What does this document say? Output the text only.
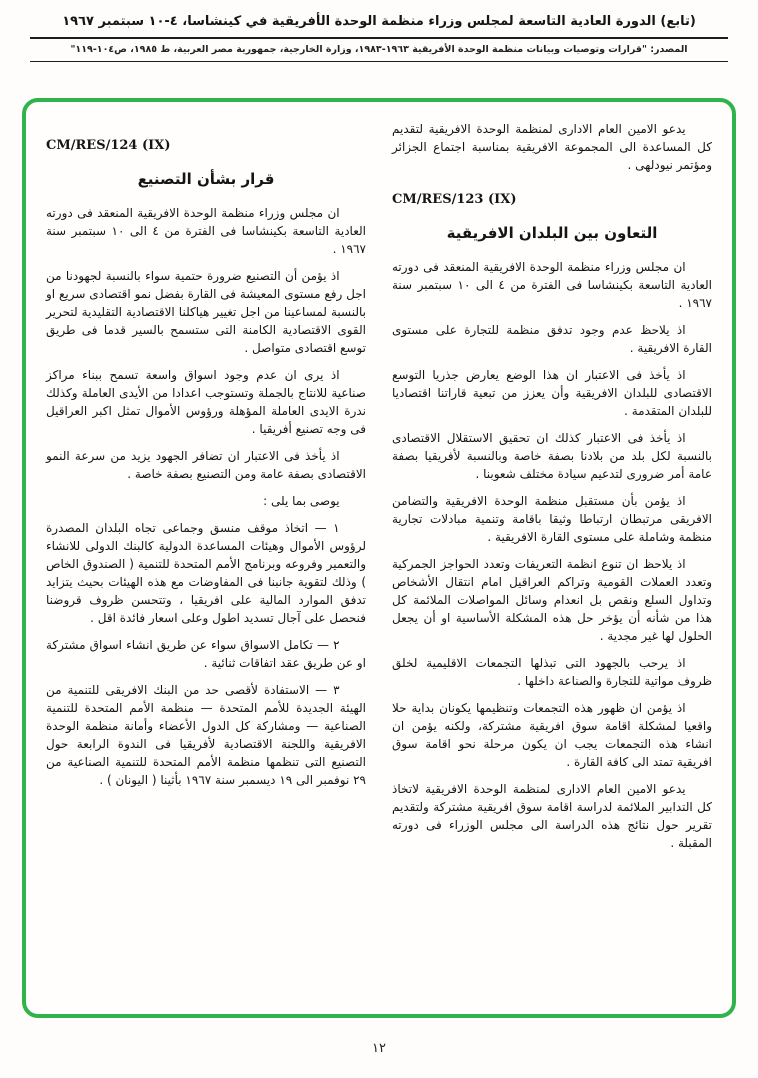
(تابع) الدورة العادية التاسعة لمجلس وزراء منظمة الوحدة الأفريقية في كينشاسا، ٤-١٠ سبتمبر ١٩٦٧
المصدر: "قرارات وتوصيات وبيانات منظمة الوحدة الأفريقية ١٩٦٣-١٩٨٣، وزارة الخارجية، جمهورية مصر العربية، ط ١٩٨٥، ص١٠٤-١١٩"

يدعو الامين العام الادارى لمنظمة الوحدة الافريقية لتقديم كل المساعدة الى المجموعة الافريقية بمناسبة اجتماع الجزائر ومؤتمر نيودلهى .

CM/RES/123 (IX)
التعاون بين البلدان الافريقية

ان مجلس وزراء منظمة الوحدة الافريقية المنعقد فى دورته العادية التاسعة بكينشاسا فى الفترة من ٤ الى ١٠ سبتمبر سنة ١٩٦٧ .

اذ يلاحظ عدم وجود تدفق منظمة للتجارة على مستوى القارة الافريقية .

اذ يأخذ فى الاعتبار ان هذا الوضع يعارض جذريا التوسع الاقتصادى للبلدان الافريقية وأن يعزز من تبعية قاراتنا اقتصاديا للبلدان المتقدمة .

اذ يأخذ فى الاعتبار كذلك ان تحقيق الاستقلال الاقتصادى بالنسبة لكل بلد من بلادنا بصفة خاصة وبالنسبة لأفريقيا بصفة عامة أمر ضرورى لتدعيم سيادة مختلف شعوبنا .

اذ يؤمن بأن مستقبل منظمة الوحدة الافريقية والتضامن الافريقى مرتبطان ارتباطا وثيقا باقامة وتنمية مبادلات تجارية منظمة وشاملة على مستوى القارة الافريقية .

اذ يلاحظ ان تنوع انظمة التعريفات وتعدد الحواجز الجمركية وتعدد العملات القومية وتراكم العراقيل امام انتقال الأشخاص وتداول السلع ونقص بل انعدام وسائل المواصلات الملائمة كل هذا من شأنه أن يؤخر حل هذه المشكلة الأساسية او أن يجعل الحلول لها غير مجدية .

اذ يرحب بالجهود التى تبذلها التجمعات الاقليمية لخلق ظروف مواتية للتجارة والصناعة داخلها .

اذ يؤمن ان ظهور هذه التجمعات وتنظيمها يكونان بداية حلا واقعيا لمشكلة اقامة سوق افريقية مشتركة، ولكنه يؤمن ان انشاء هذه التجمعات يجب ان يكون مرحلة نحو اقامة سوق افريقية تمتد الى كافة القارة .

يدعو الامين العام الادارى لمنظمة الوحدة الافريقية لاتخاذ كل التدابير الملائمة لدراسة اقامة سوق افريقية مشتركة ولتقديم تقرير حول نتائج هذه الدراسة الى مجلس الوزراء فى دورته المقبلة .

CM/RES/124 (IX)
قرار بشأن التصنيع

ان مجلس وزراء منظمة الوحدة الافريقية المنعقد فى دورته العادية التاسعة بكينشاسا فى الفترة من ٤ الى ١٠ سبتمبر سنة ١٩٦٧ .

اذ يؤمن أن التصنيع ضرورة حتمية سواء بالنسبة لجهودنا من اجل رفع مستوى المعيشة فى القارة بفضل نمو اقتصادى سريع او بالنسبة لمساعينا من اجل تغيير هياكلنا الاقتصادية التقليدية لتحرير القوى الاقتصادية الكامنة التى ستسمح بالسير قدما فى طريق توسع اقتصادى متواصل .

اذ يرى ان عدم وجود اسواق واسعة تسمح ببناء مراكز صناعية للانتاج بالجملة وتستوجب اعدادا من الأيدى العاملة وكذلك ندرة الايدى العاملة المؤهلة ورؤوس الأموال تمثل اكبر العراقيل فى وجه تصنيع أفريقيا .

اذ يأخذ فى الاعتبار ان تضافر الجهود يزيد من سرعة النمو الاقتصادى بصفة عامة ومن التصنيع بصفة خاصة .

يوصى بما يلى :

١ — اتخاذ موقف منسق وجماعى تجاه البلدان المصدرة لرؤوس الأموال وهيئات المساعدة الدولية كالبنك الدولى للانشاء والتعمير وفروعه وبرنامج الأمم المتحدة للتنمية ( الصندوق الخاص ) وذلك لتقوية جانبنا فى المفاوضات مع هذه الهيئات بحيث يتزايد تدفق الموارد المالية على افريقيا ، وتتحسن ظروف قروضنا فنحصل على آجال تسديد اطول وعلى اسعار فائدة اقل .

٢ — تكامل الاسواق سواء عن طريق انشاء اسواق مشتركة او عن طريق عقد اتفاقات ثنائية .

٣ — الاستفادة لأقصى حد من البنك الافريقى للتنمية من الهيئة الجديدة للأمم المتحدة — منظمة الأمم المتحدة للتنمية الصناعية — ومشاركة كل الدول الأعضاء وأمانة منظمة الوحدة الافريقية واللجنة الاقتصادية لأفريقيا فى الندوة الرابعة حول التصنيع التى تنظمها منظمة الأمم المتحدة للتنمية الصناعية من ٢٩ نوفمبر الى ١٩ ديسمبر سنة ١٩٦٧ بأثينا ( اليونان ) .

١٢
